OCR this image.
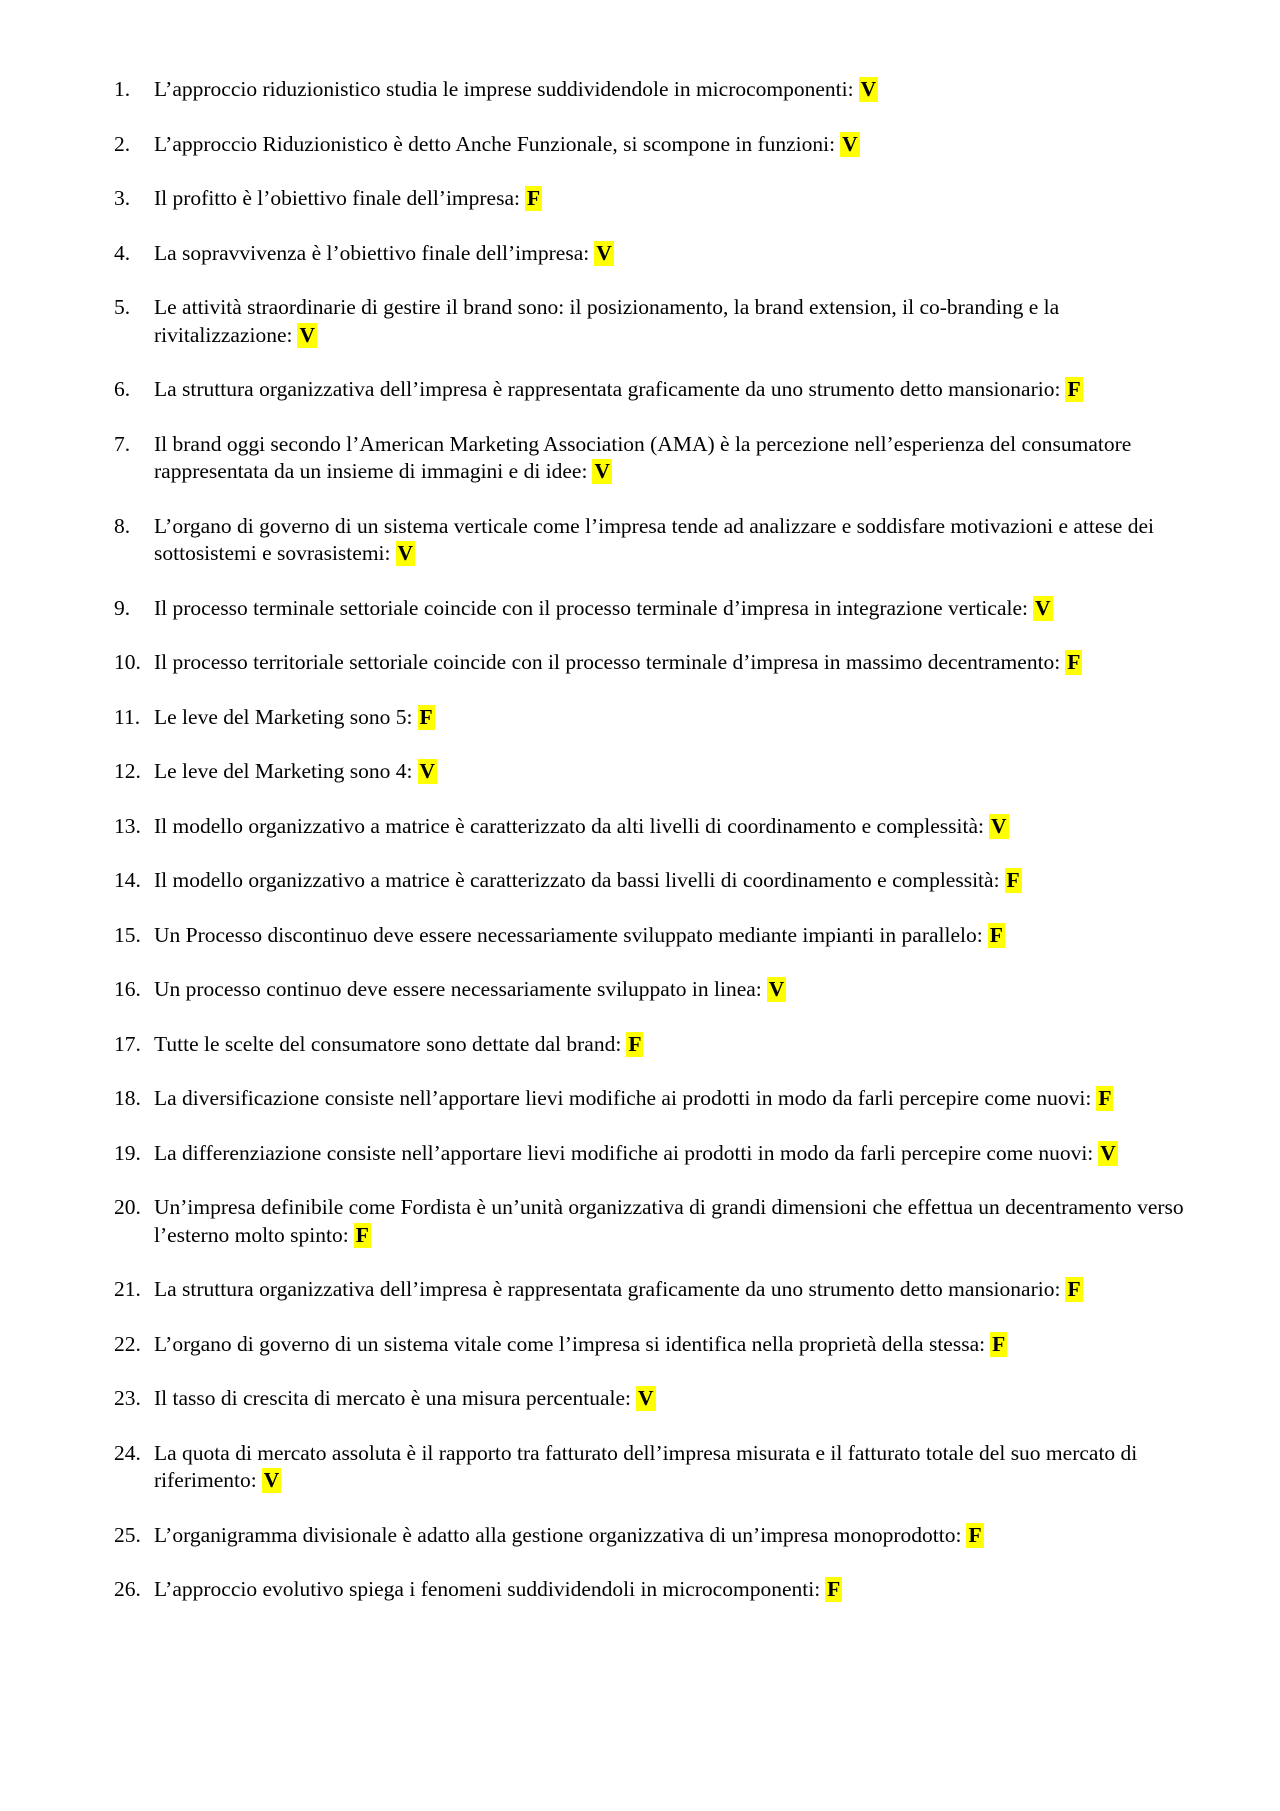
1.	L’approccio riduzionistico studia le imprese suddividendole in microcomponenti: V
2.	L’approccio Riduzionistico è detto Anche Funzionale, si scompone in funzioni: V
3.	Il profitto è l’obiettivo finale dell’impresa: F
4.	La sopravvivenza è l’obiettivo finale dell’impresa: V
5.	Le attività straordinarie di gestire il brand sono: il posizionamento, la brand extension, il co-branding e la rivitalizzazione: V
6.	La struttura organizzativa dell’impresa è rappresentata graficamente da uno strumento detto mansionario: F
7.	Il brand oggi secondo l’American Marketing Association (AMA) è la percezione nell’esperienza del consumatore rappresentata da un insieme di immagini e di idee: V
8.	L’organo di governo di un sistema verticale come l’impresa tende ad analizzare e soddisfare motivazioni e attese dei sottosistemi e sovrasistemi: V
9.	Il processo terminale settoriale coincide con il processo terminale d’impresa in integrazione verticale: V
10. Il processo territoriale settoriale coincide con il processo terminale d’impresa in massimo decentramento: F
11. Le leve del Marketing sono 5: F
12. Le leve del Marketing sono 4: V
13. Il modello organizzativo a matrice è caratterizzato da alti livelli di coordinamento e complessità: V
14. Il modello organizzativo a matrice è caratterizzato da bassi livelli di coordinamento e complessità: F
15. Un Processo discontinuo deve essere necessariamente sviluppato mediante impianti in parallelo: F
16. Un processo continuo deve essere necessariamente sviluppato in linea: V
17. Tutte le scelte del consumatore sono dettate dal brand: F
18. La diversificazione consiste nell’apportare lievi modifiche ai prodotti in modo da farli percepire come nuovi: F
19. La differenziazione consiste nell’apportare lievi modifiche ai prodotti in modo da farli percepire come nuovi: V
20. Un’impresa definibile come Fordista è un’unità organizzativa di grandi dimensioni che effettua un decentramento verso l’esterno molto spinto: F
21. La struttura organizzativa dell’impresa è rappresentata graficamente da uno strumento detto mansionario: F
22. L’organo di governo di un sistema vitale come l’impresa si identifica nella proprietà della stessa: F
23. Il tasso di crescita di mercato è una misura percentuale: V
24. La quota di mercato assoluta è il rapporto tra fatturato dell’impresa misurata e il fatturato totale del suo mercato di riferimento: V
25. L’organigramma divisionale è adatto alla gestione organizzativa di un’impresa monoprodotto: F
26. L’approccio evolutivo spiega i fenomeni suddividendoli in microcomponenti: F
